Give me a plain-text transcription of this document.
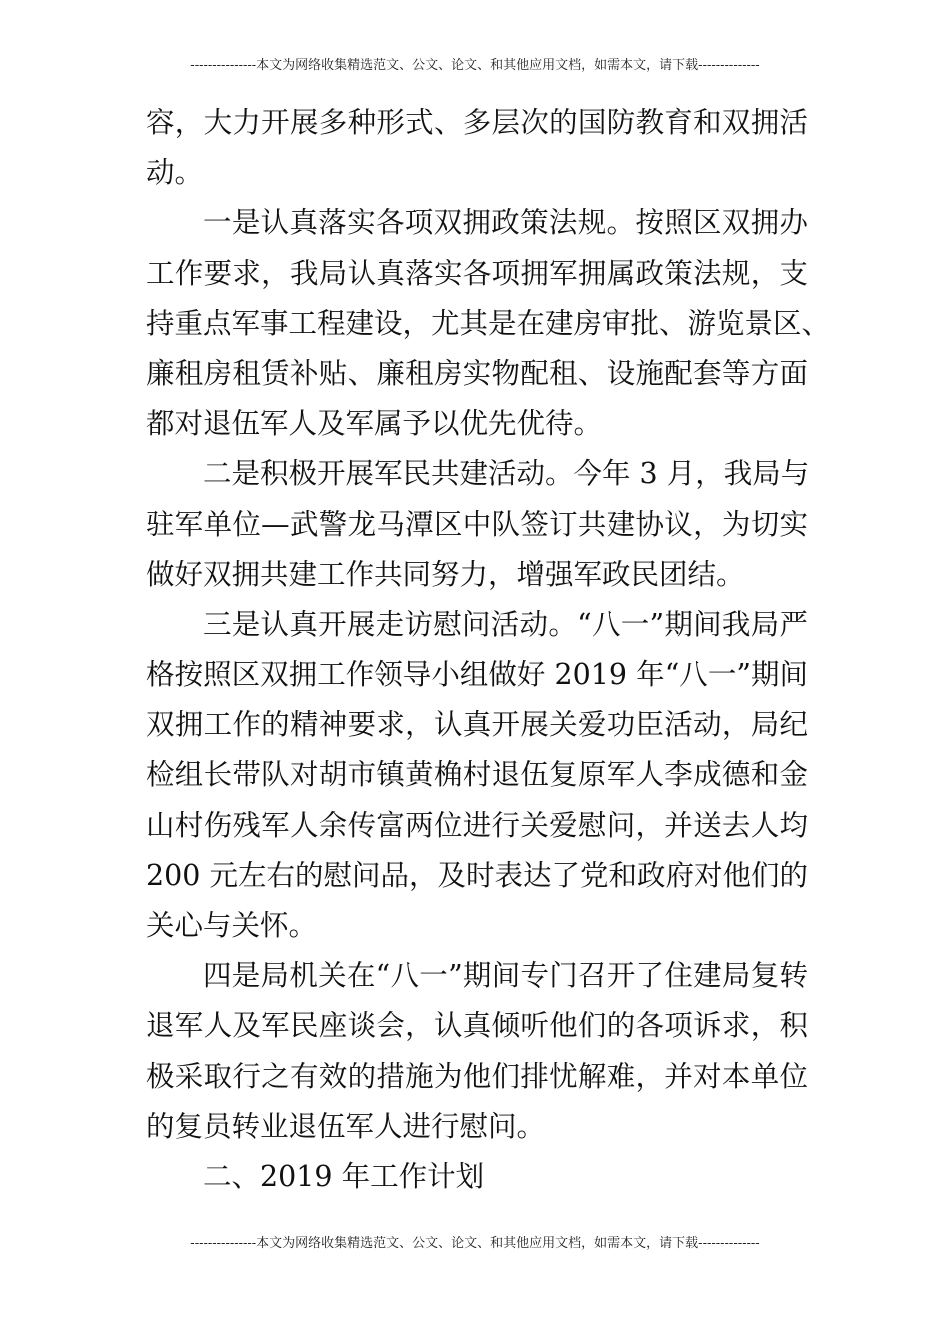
---------------本文为网络收集精选范文、公文、论文、和其他应用文档，如需本文，请下载--------------
容，大力开展多种形式、多层次的国防教育和双拥活
动。
一是认真落实各项双拥政策法规。按照区双拥办
工作要求，我局认真落实各项拥军拥属政策法规，支
持重点军事工程建设，尤其是在建房审批、游览景区、
廉租房租赁补贴、廉租房实物配租、设施配套等方面
都对退伍军人及军属予以优先优待。
二是积极开展军民共建活动。今年 3 月，我局与
驻军单位—武警龙马潭区中队签订共建协议，为切实
做好双拥共建工作共同努力，增强军政民团结。
三是认真开展走访慰问活动。“八一”期间我局严
格按照区双拥工作领导小组做好 2019 年“八一”期间
双拥工作的精神要求，认真开展关爱功臣活动，局纪
检组长带队对胡市镇黄桷村退伍复原军人李成德和金
山村伤残军人余传富两位进行关爱慰问，并送去人均
200 元左右的慰问品，及时表达了党和政府对他们的
关心与关怀。
四是局机关在“八一”期间专门召开了住建局复转
退军人及军民座谈会，认真倾听他们的各项诉求，积
极采取行之有效的措施为他们排忧解难，并对本单位
的复员转业退伍军人进行慰问。
二、2019 年工作计划
---------------本文为网络收集精选范文、公文、论文、和其他应用文档，如需本文，请下载--------------
